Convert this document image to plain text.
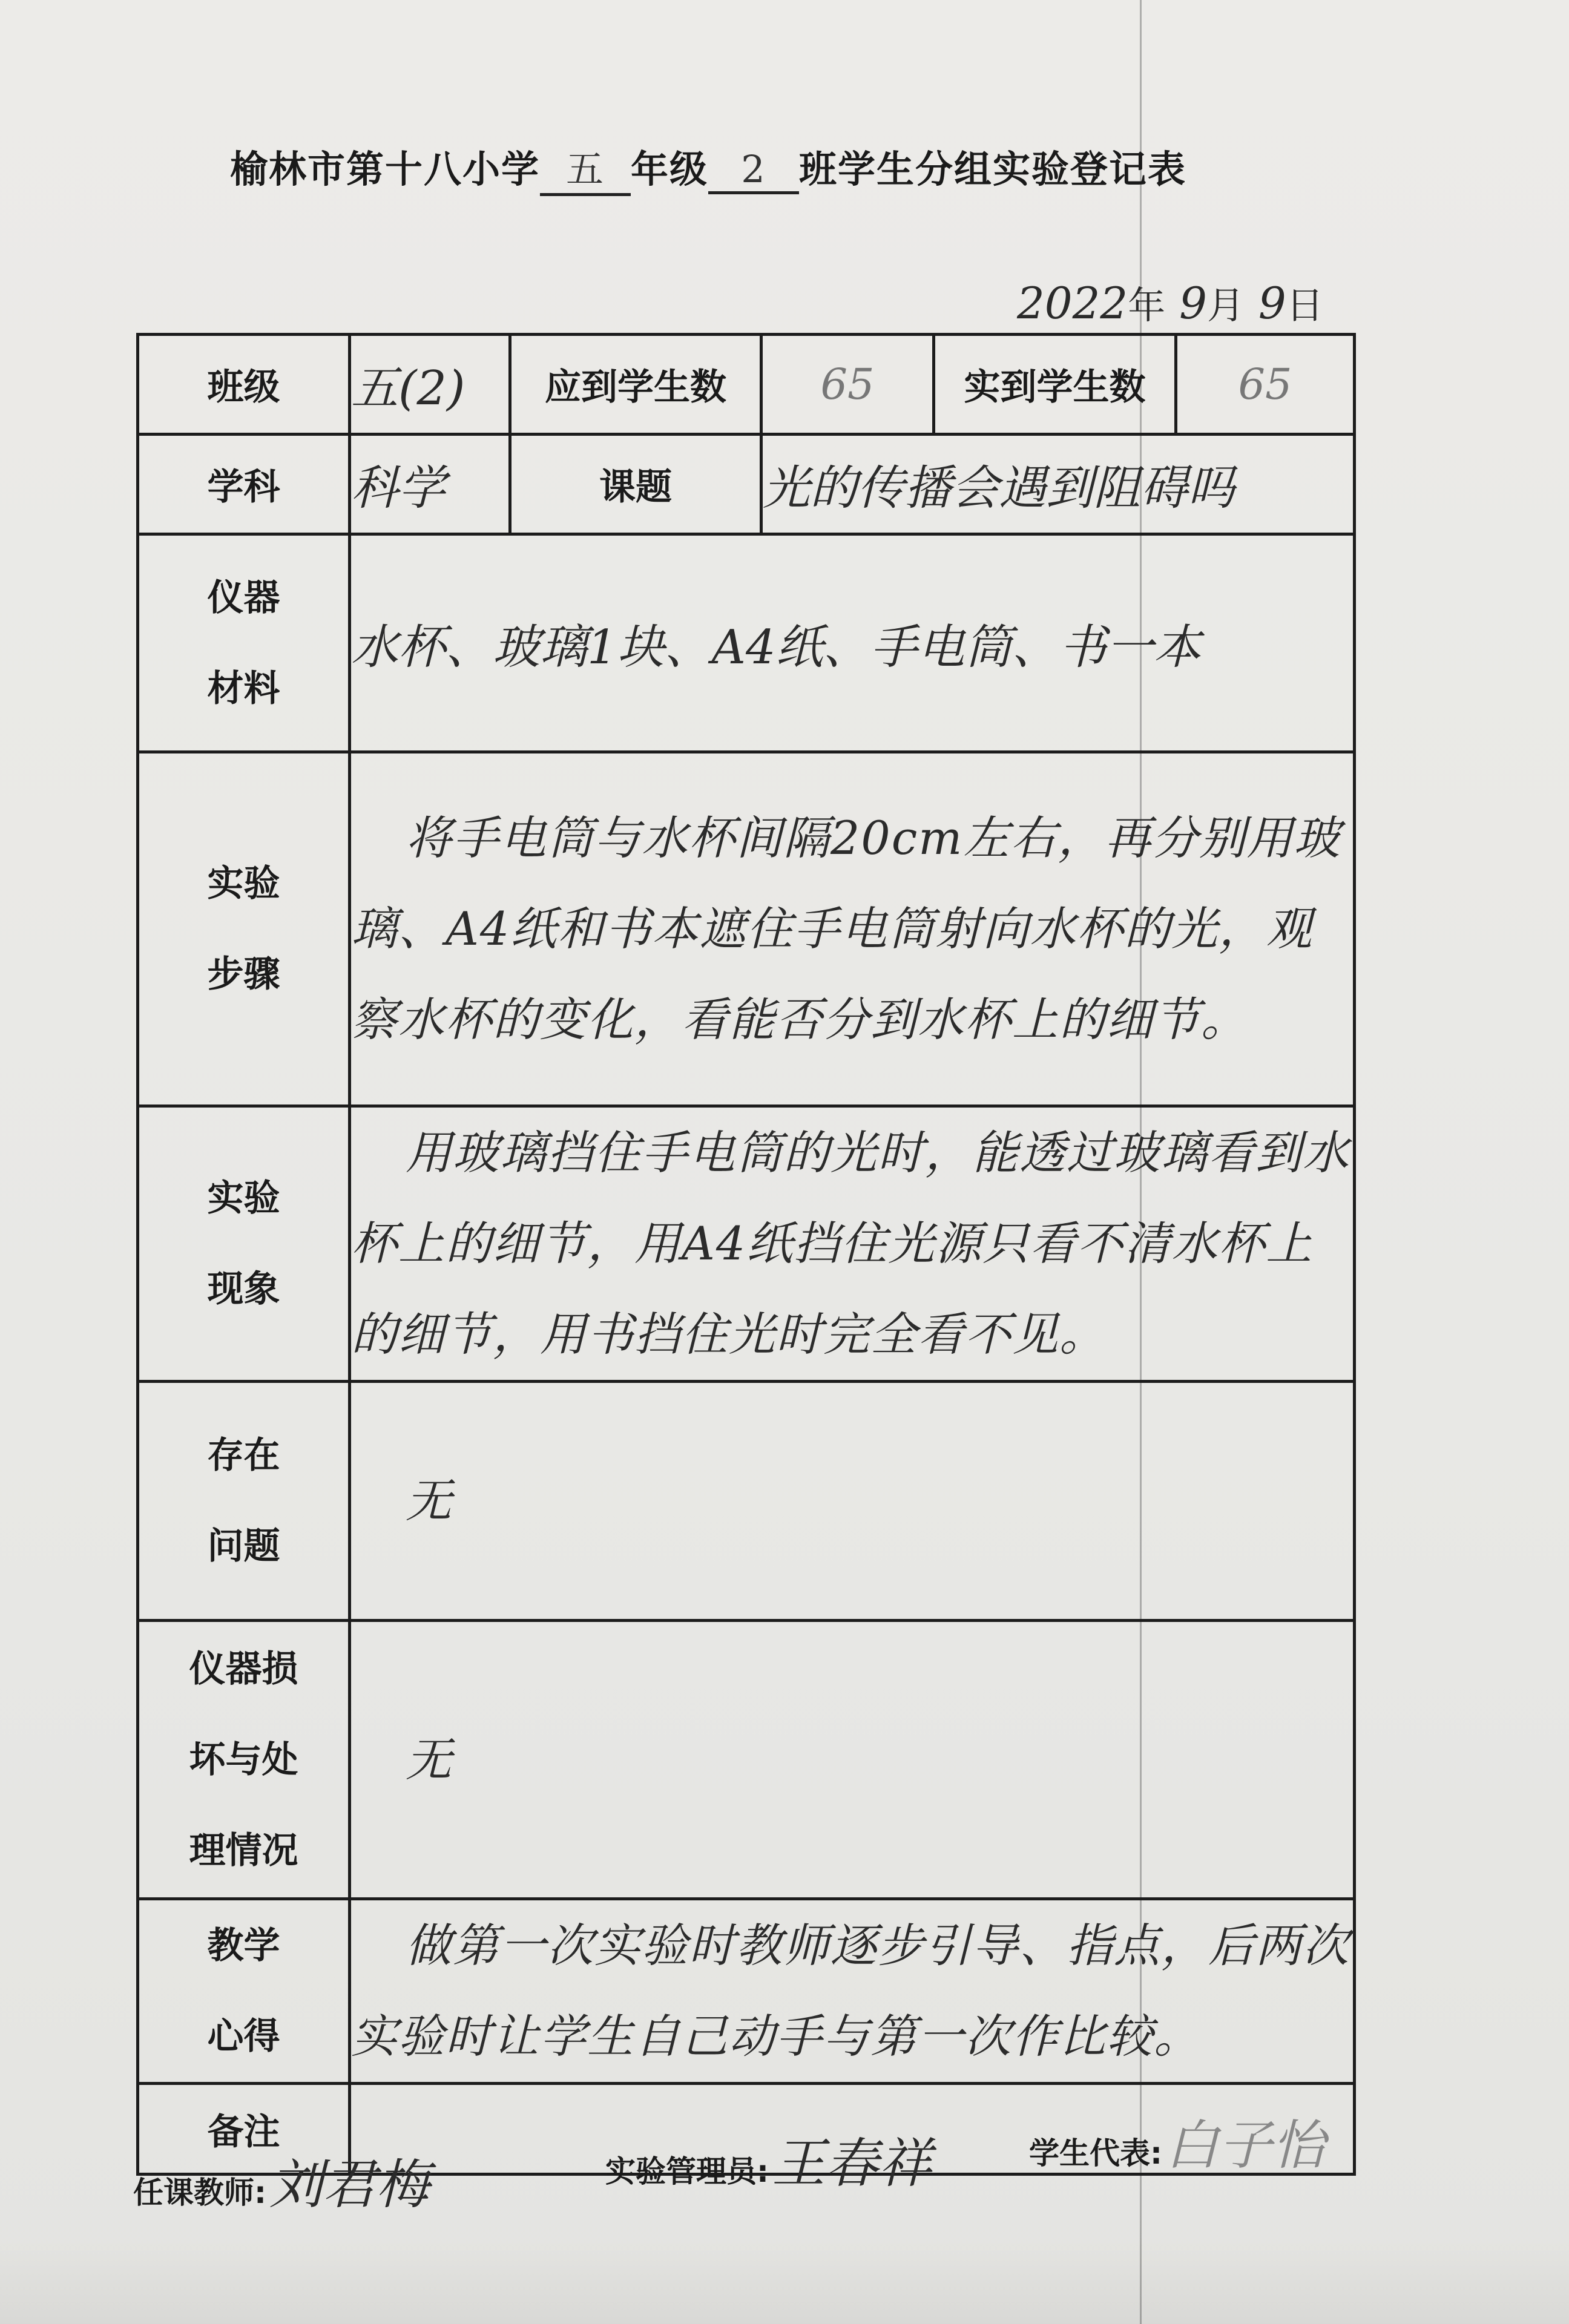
榆林市第十八小学 五 年级 2 班学生分组实验登记表
2022年 9月 9日
班级	五(2)	应到学生数	65	实到学生数	65
学科	科学	课题	光的传播会遇到阻碍吗		

仪器
材料	水杯、玻璃1块、A4纸、手电筒、书一本				

实验
步骤	将手电筒与水杯间隔20cm左右，再分别用玻璃、A4纸和书本遮住手电筒射向水杯的光，观察水杯的变化，看能否分到水杯上的细节。				

实验
现象	用玻璃挡住手电筒的光时，能透过玻璃看到水杯上的细节，用A4纸挡住光源只看不清水杯上的细节，用书挡住光时完全看不见。				

存在
问题	无				

仪器损
坏与处
理情况	无				

教学
心得	做第一次实验时教师逐步引导、指点，后两次实验时让学生自己动手与第一次作比较。				
备注					
任课教师: 刘君梅	实验管理员: 王春祥	学生代表: 白子怡
